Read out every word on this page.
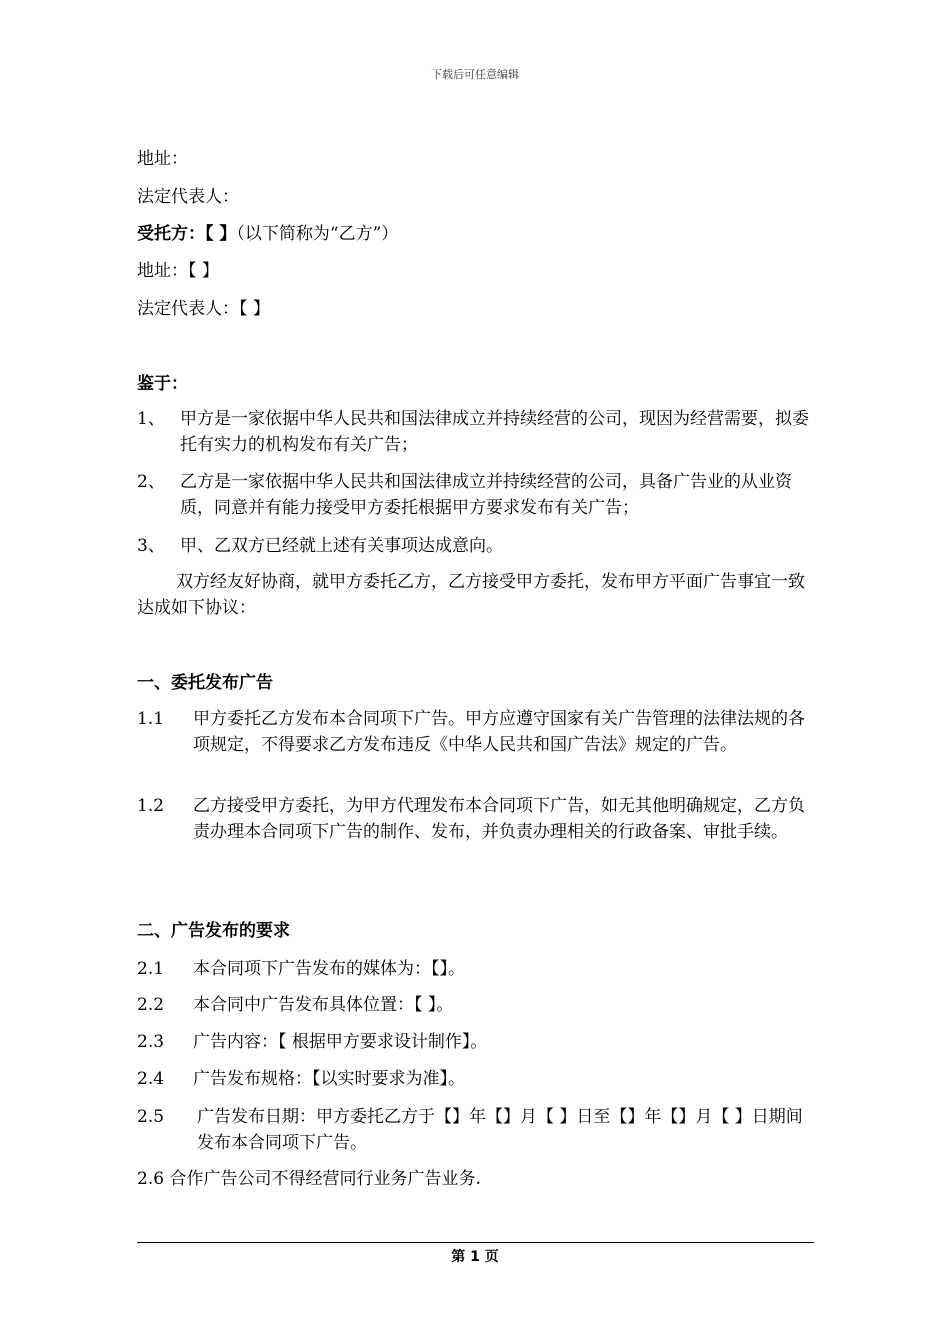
下载后可任意编辑
地址：
法定代表人：
受托方：【 】（以下简称为“乙方”）
地址：【 】
法定代表人：【 】
鉴于：
1、 甲方是一家依据中华人民共和国法律成立并持续经营的公司，现因为经营需要，拟委托有实力的机构发布有关广告；
2、 乙方是一家依据中华人民共和国法律成立并持续经营的公司，具备广告业的从业资质，同意并有能力接受甲方委托根据甲方要求发布有关广告；
3、 甲、乙双方已经就上述有关事项达成意向。
双方经友好协商，就甲方委托乙方，乙方接受甲方委托，发布甲方平面广告事宜一致达成如下协议：
一、委托发布广告
1.1 甲方委托乙方发布本合同项下广告。甲方应遵守国家有关广告管理的法律法规的各项规定，不得要求乙方发布违反《中华人民共和国广告法》规定的广告。
1.2 乙方接受甲方委托，为甲方代理发布本合同项下广告，如无其他明确规定，乙方负责办理本合同项下广告的制作、发布，并负责办理相关的行政备案、审批手续。
二、广告发布的要求
2.1 本合同项下广告发布的媒体为：【】。
2.2 本合同中广告发布具体位置：【 】。
2.3 广告内容：【 根据甲方要求设计制作】。
2.4 广告发布规格：【以实时要求为准】。
2.5 广告发布日期：甲方委托乙方于【】年【】月【 】日至【】年【】月【 】日期间发布本合同项下广告。
2.6 合作广告公司不得经营同行业务广告业务.
第 1 页
